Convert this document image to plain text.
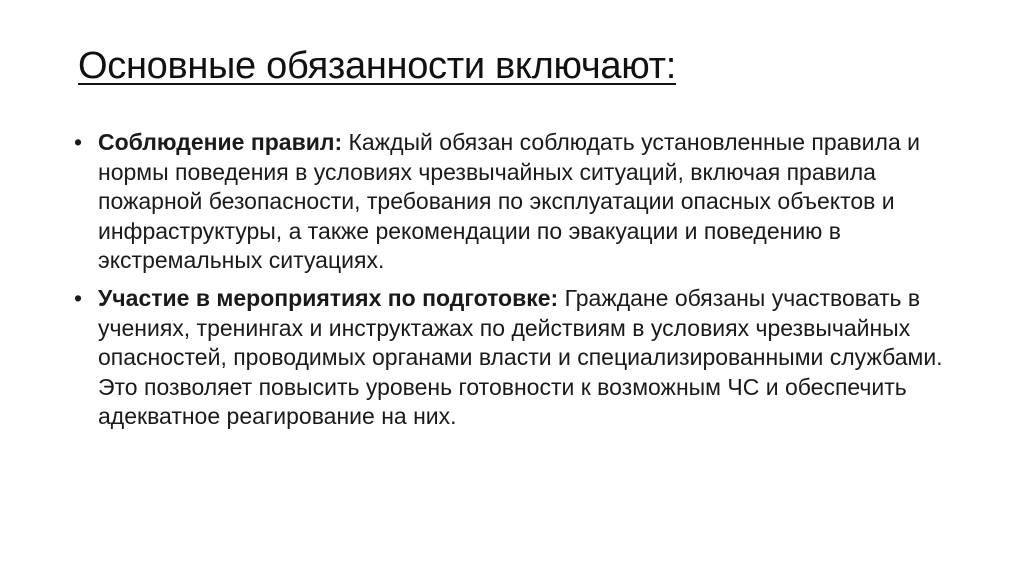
Основные обязанности включают:
• Соблюдение правил: Каждый обязан соблюдать установленные правила и нормы поведения в условиях чрезвычайных ситуаций, включая правила пожарной безопасности, требования по эксплуатации опасных объектов и инфраструктуры, а также рекомендации по эвакуации и поведению в экстремальных ситуациях.
• Участие в мероприятиях по подготовке: Граждане обязаны участвовать в учениях, тренингах и инструктажах по действиям в условиях чрезвычайных опасностей, проводимых органами власти и специализированными службами. Это позволяет повысить уровень готовности к возможным ЧС и обеспечить адекватное реагирование на них.
